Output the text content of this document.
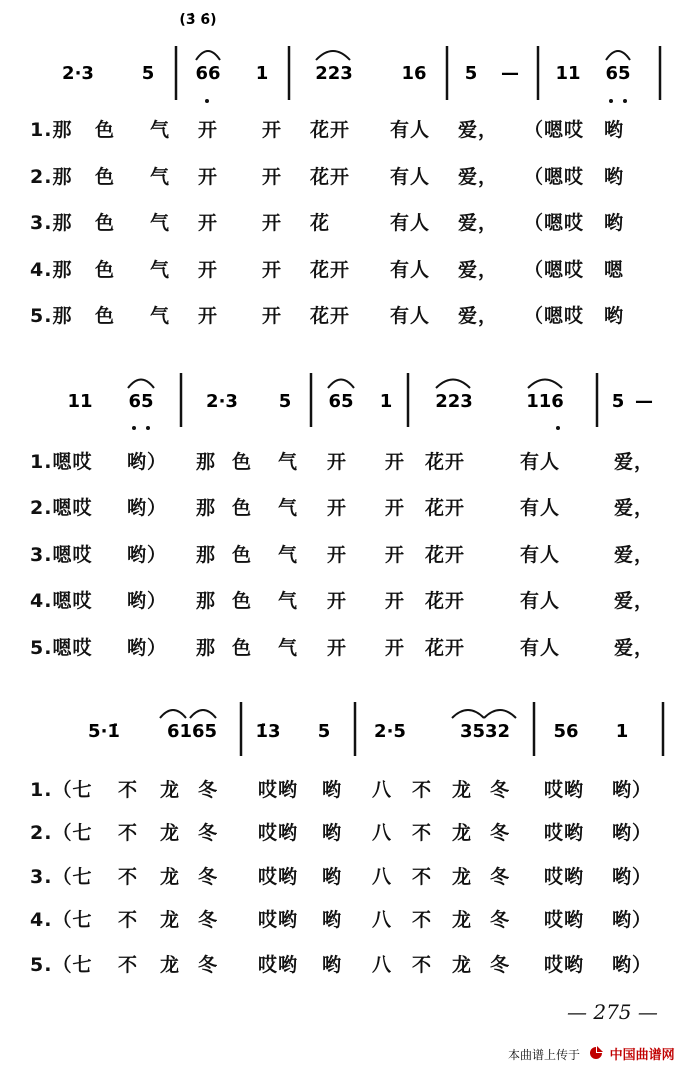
(3̇ 6̇)
2·3	5 66 1	223	16 5 — 11 65
1.那 色 气 开 开 花开 有人 爱， （嗯哎 哟
2.那 色 气 开 开 花开 有人 爱， （嗯哎 哟
3.那 色 气 开 开 花	有人 爱， （嗯哎 哟
4.那 色 气 开 开 花开 有人 爱， （嗯哎 嗯
5.那 色 气 开 开 花开 有人 爱， （嗯哎 哟
11 65	2·3 5 65 1 223	116	5 —
1.嗯哎 哟） 那 色 气 开 开 花开	有人	爱，
2.嗯哎 哟） 那 色 气 开 开 花开	有人	爱，
3.嗯哎 哟） 那 色 气 开 开 花开	有人	爱，
4.嗯哎 哟） 那 色 气 开 开 花开	有人	爱，
5.嗯哎 哟） 那 色 气 开 开 花开	有人	爱，
5·1̇	6165 1̇3 5 2·5	3532 56 1
1.（七 不 龙 冬 哎哟 哟 八 不 龙 冬 哎哟 哟）
2.（七 不 龙 冬 哎哟 哟 八 不 龙 冬 哎哟 哟）
3.（七 不 龙 冬 哎哟 哟 八 不 龙 冬 哎哟 哟）
4.（七 不 龙 冬 哎哟 哟 八 不 龙 冬 哎哟 哟）
5.（七 不 龙 冬 哎哟 哟 八 不 龙 冬 哎哟 哟）
— 275 —
本曲谱上传于 中国曲谱网
